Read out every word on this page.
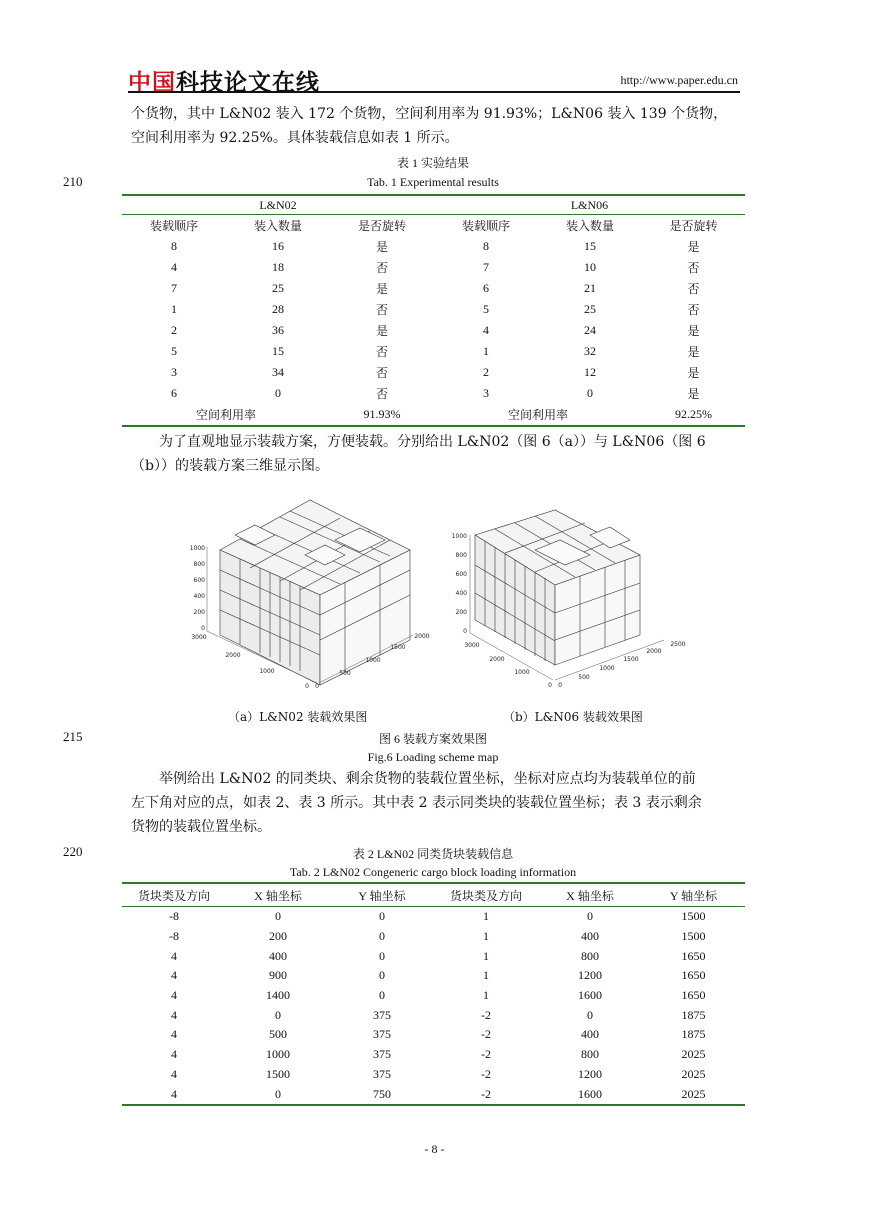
中国科技论文在线	http://www.paper.edu.cn
个货物，其中 L&N02 装入 172 个货物，空间利用率为 91.93%；L&N06 装入 139 个货物，
空间利用率为 92.25%。具体装载信息如表 1 所示。
表 1 实验结果
210	Tab. 1 Experimental results
L&N02			L&N06		
装载顺序	装入数量	是否旋转	装载顺序	装入数量	是否旋转
8	16	是	8	15	是
4	18	否	7	10	否
7	25	是	6	21	否
1	28	否	5	25	否
2	36	是	4	24	是
5	15	否	1	32	是
3	34	否	2	12	是
6	0	否	3	0	是
空间利用率		91.93%	空间利用率		92.25%
为了直观地显示装载方案，方便装载。分别给出 L&N02（图 6（a））与 L&N06（图 6
（b））的装载方案三维显示图。
1000
800
600
400
200
0
3000
2000
1000
0 0
500
1000
1500
2000
1000
800
600
400
200
0
3000
2000
1000
0 0
500
1000
1500
2000
2500
（a）L&N02 装载效果图	（b）L&N06 装载效果图
215	图 6 装载方案效果图
Fig.6 Loading scheme map
举例给出 L&N02 的同类块、剩余货物的装载位置坐标，坐标对应点均为装载单位的前
左下角对应的点，如表 2、表 3 所示。其中表 2 表示同类块的装载位置坐标；表 3 表示剩余
货物的装载位置坐标。
220	表 2 L&N02 同类货块装载信息
Tab. 2 L&N02 Congeneric cargo block loading information
货块类及方向	X 轴坐标	Y 轴坐标	货块类及方向	X 轴坐标	Y 轴坐标
-8	0	0	1	0	1500
-8	200	0	1	400	1500
4	400	0	1	800	1650
4	900	0	1	1200	1650
4	1400	0	1	1600	1650
4	0	375	-2	0	1875
4	500	375	-2	400	1875
4	1000	375	-2	800	2025
4	1500	375	-2	1200	2025
4	0	750	-2	1600	2025
- 8 -
